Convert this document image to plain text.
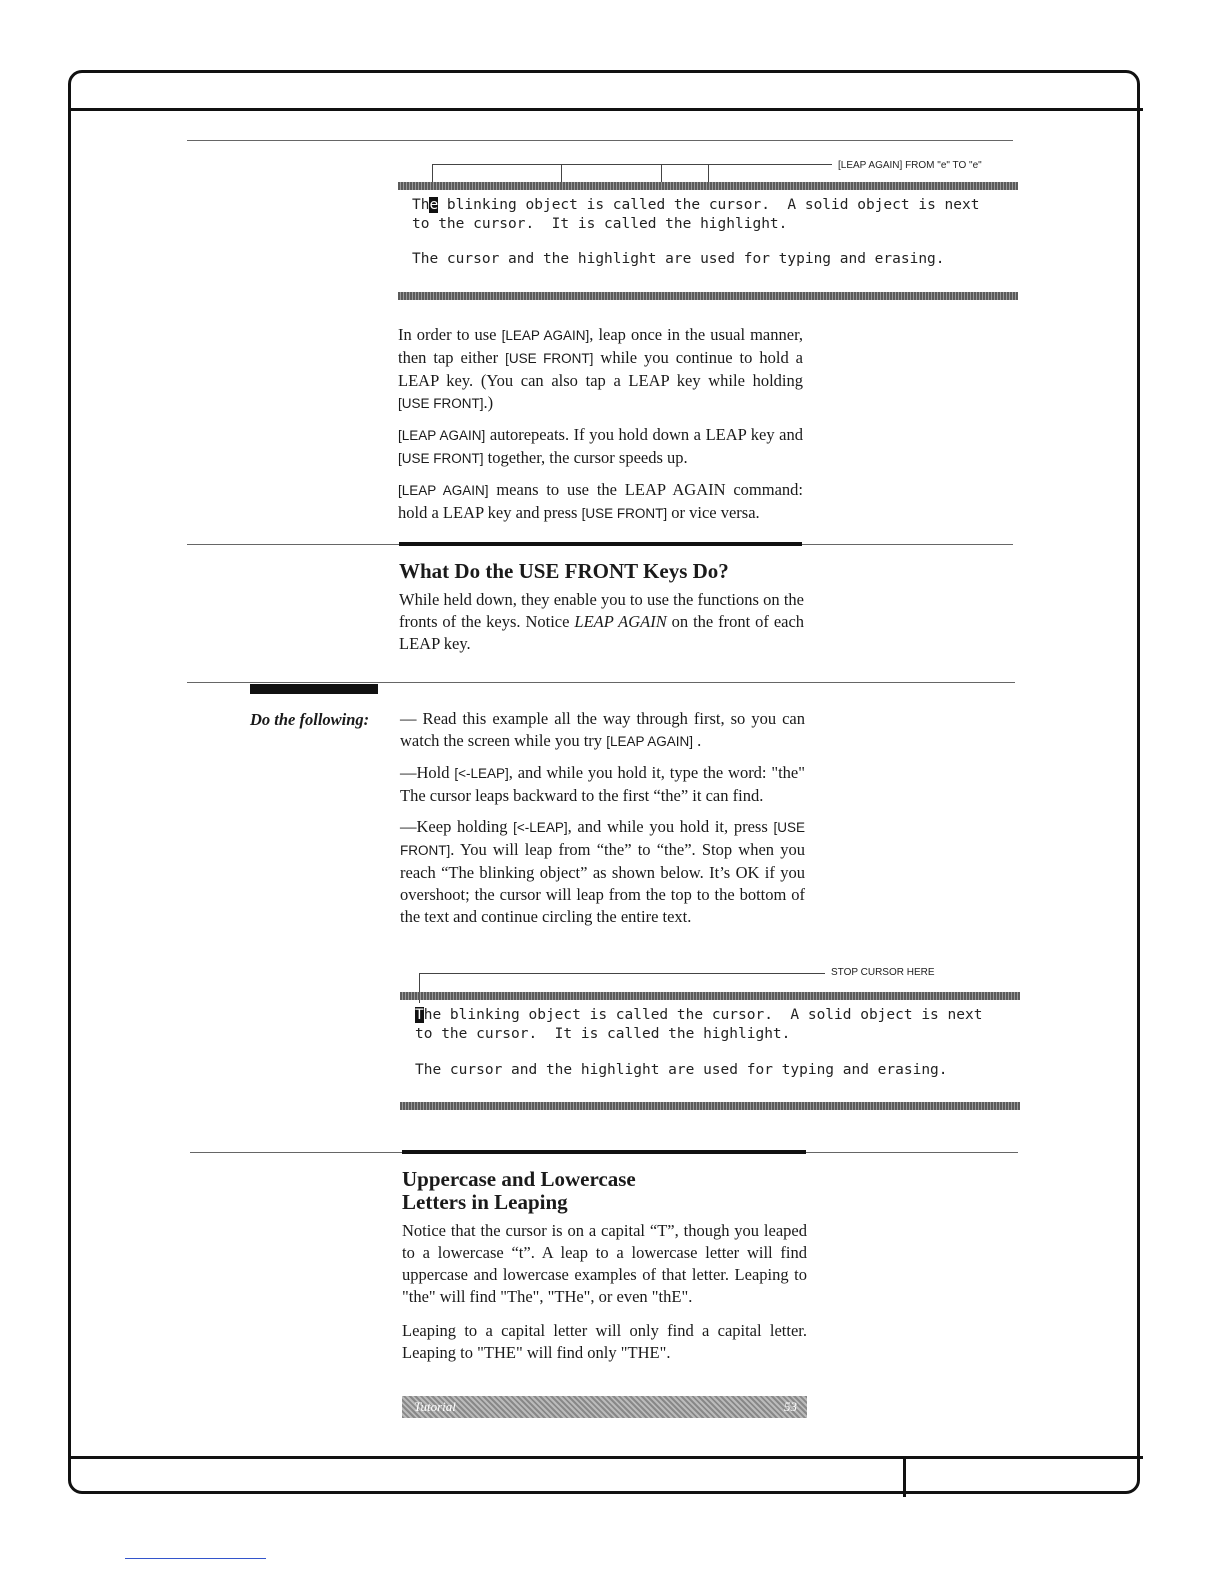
[LEAP AGAIN] FROM "e" TO "e"
The blinking object is called the cursor.  A solid object is next
to the cursor.  It is called the highlight.
The cursor and the highlight are used for typing and erasing.

In order to use [LEAP AGAIN], leap once in the usual manner, then tap either [USE FRONT] while you continue to hold a LEAP key. (You can also tap a LEAP key while holding [USE FRONT].)

[LEAP AGAIN] autorepeats. If you hold down a LEAP key and [USE FRONT] together, the cursor speeds up.

[LEAP AGAIN] means to use the LEAP AGAIN command: hold a LEAP key and press [USE FRONT] or vice versa.

What Do the USE FRONT Keys Do?

While held down, they enable you to use the functions on the fronts of the keys. Notice LEAP AGAIN on the front of each LEAP key.

Do the following: — Read this example all the way through first, so you can watch the screen while you try [LEAP AGAIN] .

—Hold [<-LEAP], and while you hold it, type the word: "the" The cursor leaps backward to the first “the” it can find.

—Keep holding [<-LEAP], and while you hold it, press [USE FRONT]. You will leap from “the” to “the”. Stop when you reach “The blinking object” as shown below. It’s OK if you overshoot; the cursor will leap from the top to the bottom of the text and continue circling the entire text.

STOP CURSOR HERE
The blinking object is called the cursor.  A solid object is next
to the cursor.  It is called the highlight.
The cursor and the highlight are used for typing and erasing.
Uppercase and Lowercase
Letters in Leaping

Notice that the cursor is on a capital “T”, though you leaped to a lowercase “t”. A leap to a lowercase letter will find uppercase and lowercase examples of that letter. Leaping to "the" will find "The", "THe", or even "thE".

Leaping to a capital letter will only find a capital letter. Leaping to "THE" will find only "THE".

Tutorial	53
